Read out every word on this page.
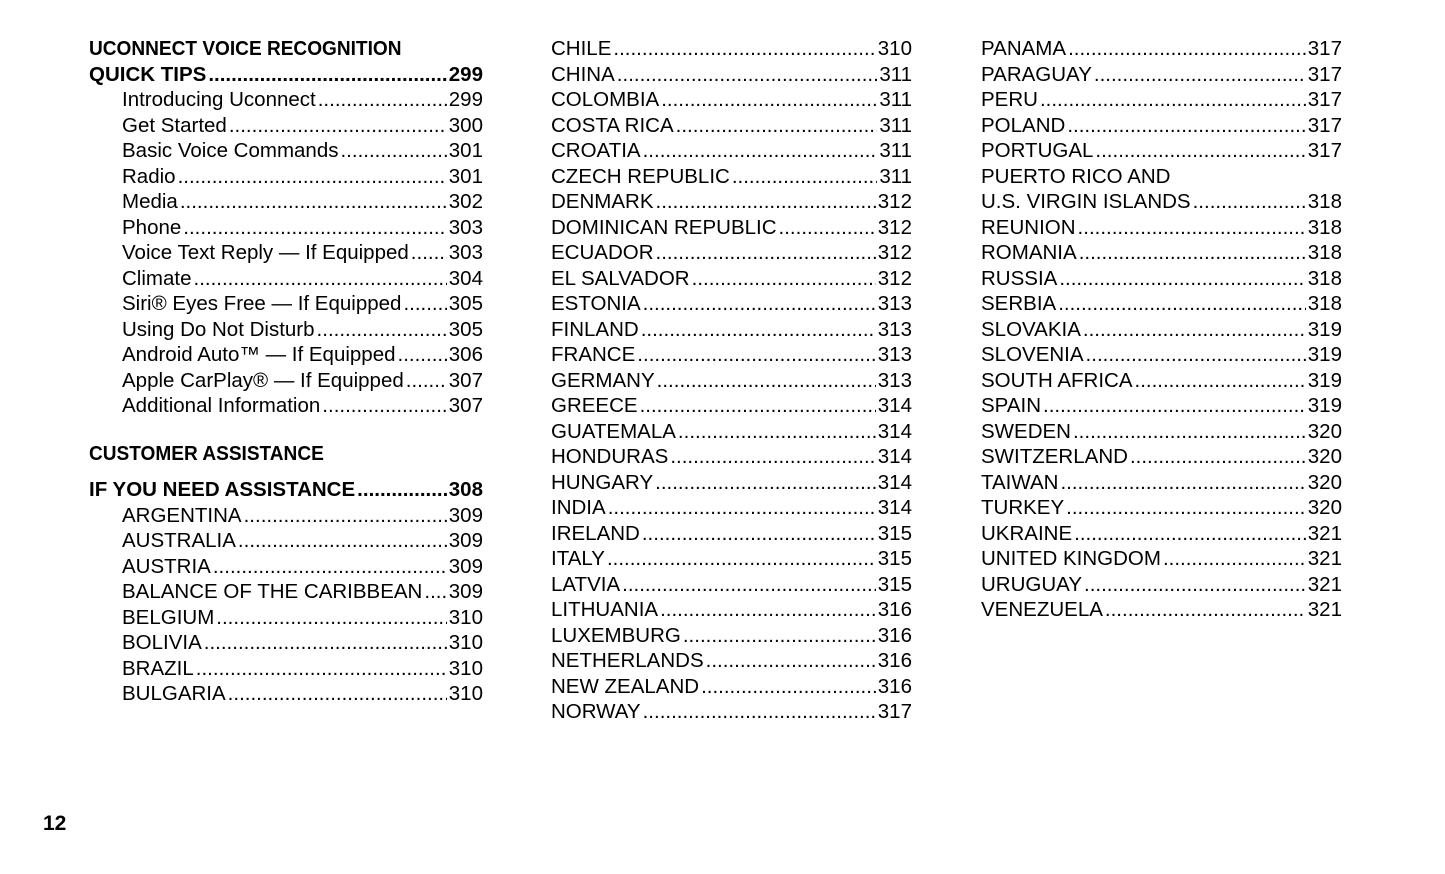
UCONNECT VOICE RECOGNITION
QUICK TIPS .....	299
Introducing Uconnect .....	299
Get Started .....	300
Basic Voice Commands .....	301
Radio .....	301
Media .....	302
Phone .....	303
Voice Text Reply — If Equipped ..... 303
Climate .....	304
Siri® Eyes Free — If Equipped ..... 305
Using Do Not Disturb .....	305
Android Auto™ — If Equipped .....	306
Apple CarPlay® — If Equipped ..... 307
Additional Information .....	307
CUSTOMER ASSISTANCE
IF YOU NEED ASSISTANCE .....	308
ARGENTINA .....	309
AUSTRALIA .....	309
AUSTRIA .....	309
BALANCE OF THE CARIBBEAN ..... 309
BELGIUM .....	310
BOLIVIA .....	310
BRAZIL .....	310
BULGARIA .....	310
CHILE .....	310
CHINA .....	311
COLOMBIA .....	311
COSTA RICA .....	311
CROATIA .....	311
CZECH REPUBLIC .....	311
DENMARK .....	312
DOMINICAN REPUBLIC .....	312
ECUADOR .....	312
EL SALVADOR .....	312
ESTONIA .....	313
FINLAND .....	313
FRANCE .....	313
GERMANY .....	313
GREECE .....	314
GUATEMALA .....	314
HONDURAS .....	314
HUNGARY .....	314
INDIA .....	314
IRELAND .....	315
ITALY .....	315
LATVIA .....	315
LITHUANIA .....	316
LUXEMBURG .....	316
NETHERLANDS .....	316
NEW ZEALAND .....	316
NORWAY .....	317
PANAMA .....	317
PARAGUAY .....	317
PERU .....	317
POLAND .....	317
PORTUGAL .....	317
PUERTO RICO AND
U.S. VIRGIN ISLANDS .....	318
REUNION .....	318
ROMANIA .....	318
RUSSIA .....	318
SERBIA .....	318
SLOVAKIA .....	319
SLOVENIA .....	319
SOUTH AFRICA .....	319
SPAIN .....	319
SWEDEN .....	320
SWITZERLAND .....	320
TAIWAN .....	320
TURKEY .....	320
UKRAINE .....	321
UNITED KINGDOM .....	321
URUGUAY .....	321
VENEZUELA .....	321
12
